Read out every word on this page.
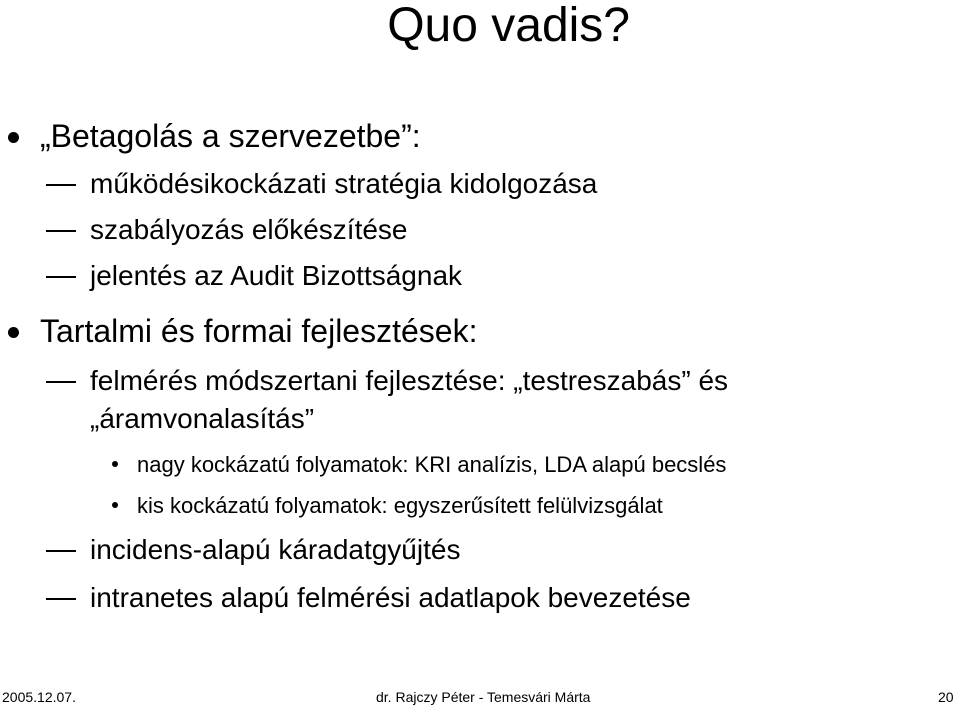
Quo vadis?
„Betagolás a szervezetbe”:
működésikockázati stratégia kidolgozása
szabályozás előkészítése
jelentés az Audit Bizottságnak
Tartalmi és formai fejlesztések:
felmérés módszertani fejlesztése: „testreszabás” és
„áramvonalasítás”
nagy kockázatú folyamatok: KRI analízis, LDA alapú becslés
kis kockázatú folyamatok: egyszerűsített felülvizsgálat
incidens-alapú káradatgyűjtés
intranetes alapú felmérési adatlapok bevezetése
2005.12.07.	dr. Rajczy Péter - Temesvári Márta	20
